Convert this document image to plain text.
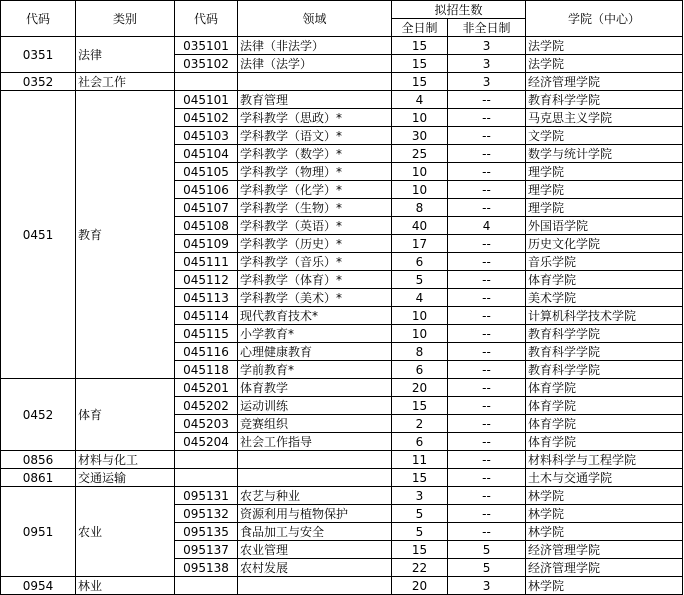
代码	类别	代码	领域	拟招生数		学院（中心）
				全日制	非全日制	
0351	法律	035101	法律（非法学）	15	3	法学院
		035102	法律（法学）	15	3	法学院
0352	社会工作			15	3	经济管理学院
0451	教育	045101	教育管理	4	--	教育科学学院
		045102	学科教学（思政）*	10	--	马克思主义学院
		045103	学科教学（语文）*	30	--	文学院
		045104	学科教学（数学）*	25	--	数学与统计学院
		045105	学科教学（物理）*	10	--	理学院
		045106	学科教学（化学）*	10	--	理学院
		045107	学科教学（生物）*	8	--	理学院
		045108	学科教学（英语）*	40	4	外国语学院
		045109	学科教学（历史）*	17	--	历史文化学院
		045111	学科教学（音乐）*	6	--	音乐学院
		045112	学科教学（体育）*	5	--	体育学院
		045113	学科教学（美术）*	4	--	美术学院
		045114	现代教育技术*	10	--	计算机科学技术学院
		045115	小学教育*	10	--	教育科学学院
		045116	心理健康教育	8	--	教育科学学院
		045118	学前教育*	6	--	教育科学学院
0452	体育	045201	体育教学	20	--	体育学院
		045202	运动训练	15	--	体育学院
		045203	竞赛组织	2	--	体育学院
		045204	社会工作指导	6	--	体育学院
0856	材料与化工			11	--	材料科学与工程学院
0861	交通运输			15	--	土木与交通学院
0951	农业	095131	农艺与种业	3	--	林学院
		095132	资源利用与植物保护	5	--	林学院
		095135	食品加工与安全	5	--	林学院
		095137	农业管理	15	5	经济管理学院
		095138	农村发展	22	5	经济管理学院
0954	林业			20	3	林学院
